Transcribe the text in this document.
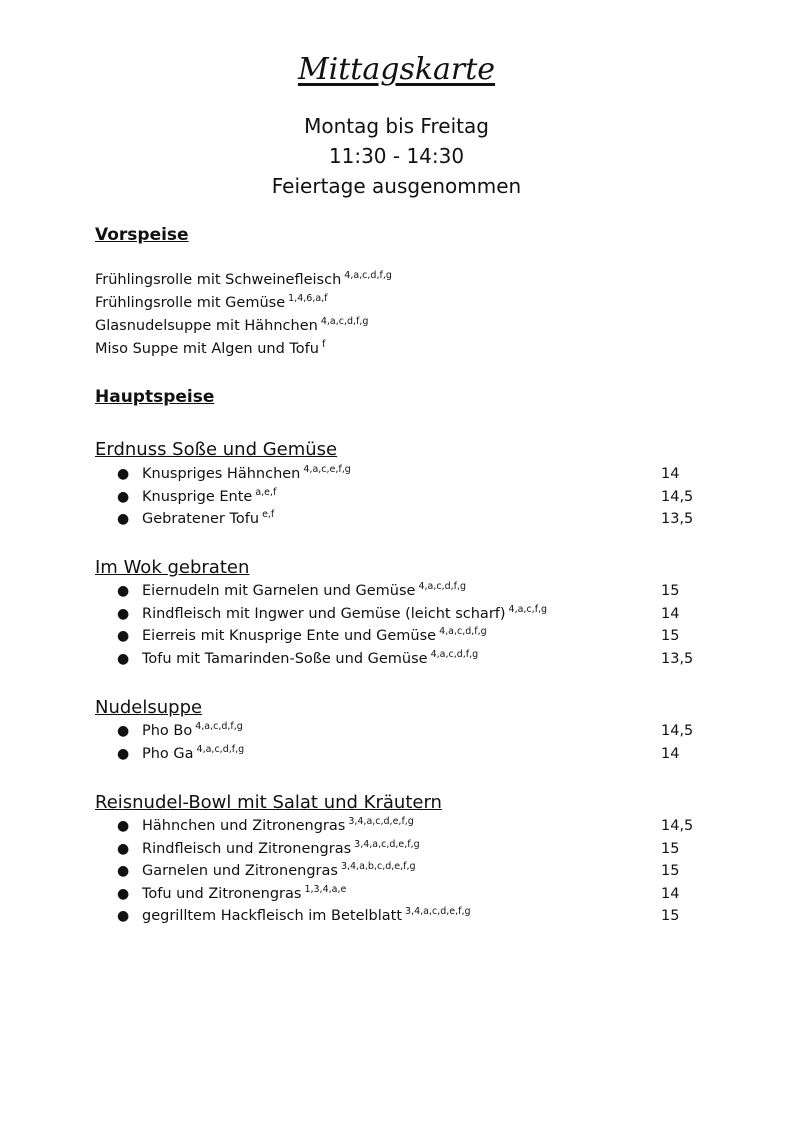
Mittagskarte
Montag bis Freitag
11:30 - 14:30
Feiertage ausgenommen
Vorspeise
Frühlingsrolle mit Schweinefleisch $^{4,a,c,d,f,g}$
Frühlingsrolle mit Gemüse $^{1,4,6,a,f}$
Glasnudelsuppe mit Hähnchen $^{4,a,c,d,f,g}$
Miso Suppe mit Algen und Tofu $^f$
Hauptspeise
Erdnuss Soße und Gemüse
● Knuspriges Hähnchen $^{4,a,c,e,f,g}$	14
● Knusprige Ente $^{a,e,f}$	14,5
● Gebratener Tofu $^{e,f}$	13,5
Im Wok gebraten
● Eiernudeln mit Garnelen und Gemüse $^{4,a,c,d,f,g}$	15
● Rindfleisch mit Ingwer und Gemüse (leicht scharf) $^{4,a,c,f,g}$	14
● Eierreis mit Knusprige Ente und Gemüse $^{4,a,c,d,f,g}$	15
● Tofu mit Tamarinden-Soße und Gemüse $^{4,a,c,d,f,g}$	13,5
Nudelsuppe
● Pho Bo $^{4,a,c,d,f,g}$	14,5
● Pho Ga $^{4,a,c,d,f,g}$	14
Reisnudel-Bowl mit Salat und Kräutern
● Hähnchen und Zitronengras $^{3,4,a,c,d,e,f,g}$	14,5
● Rindfleisch und Zitronengras $^{3,4,a,c,d,e,f,g}$	15
● Garnelen und Zitronengras $^{3,4,a,b,c,d,e,f,g}$	15
● Tofu und Zitronengras $^{1,3,4,a,e}$	14
● gegrilltem Hackfleisch im Betelblatt $^{3,4,a,c,d,e,f,g}$	15
